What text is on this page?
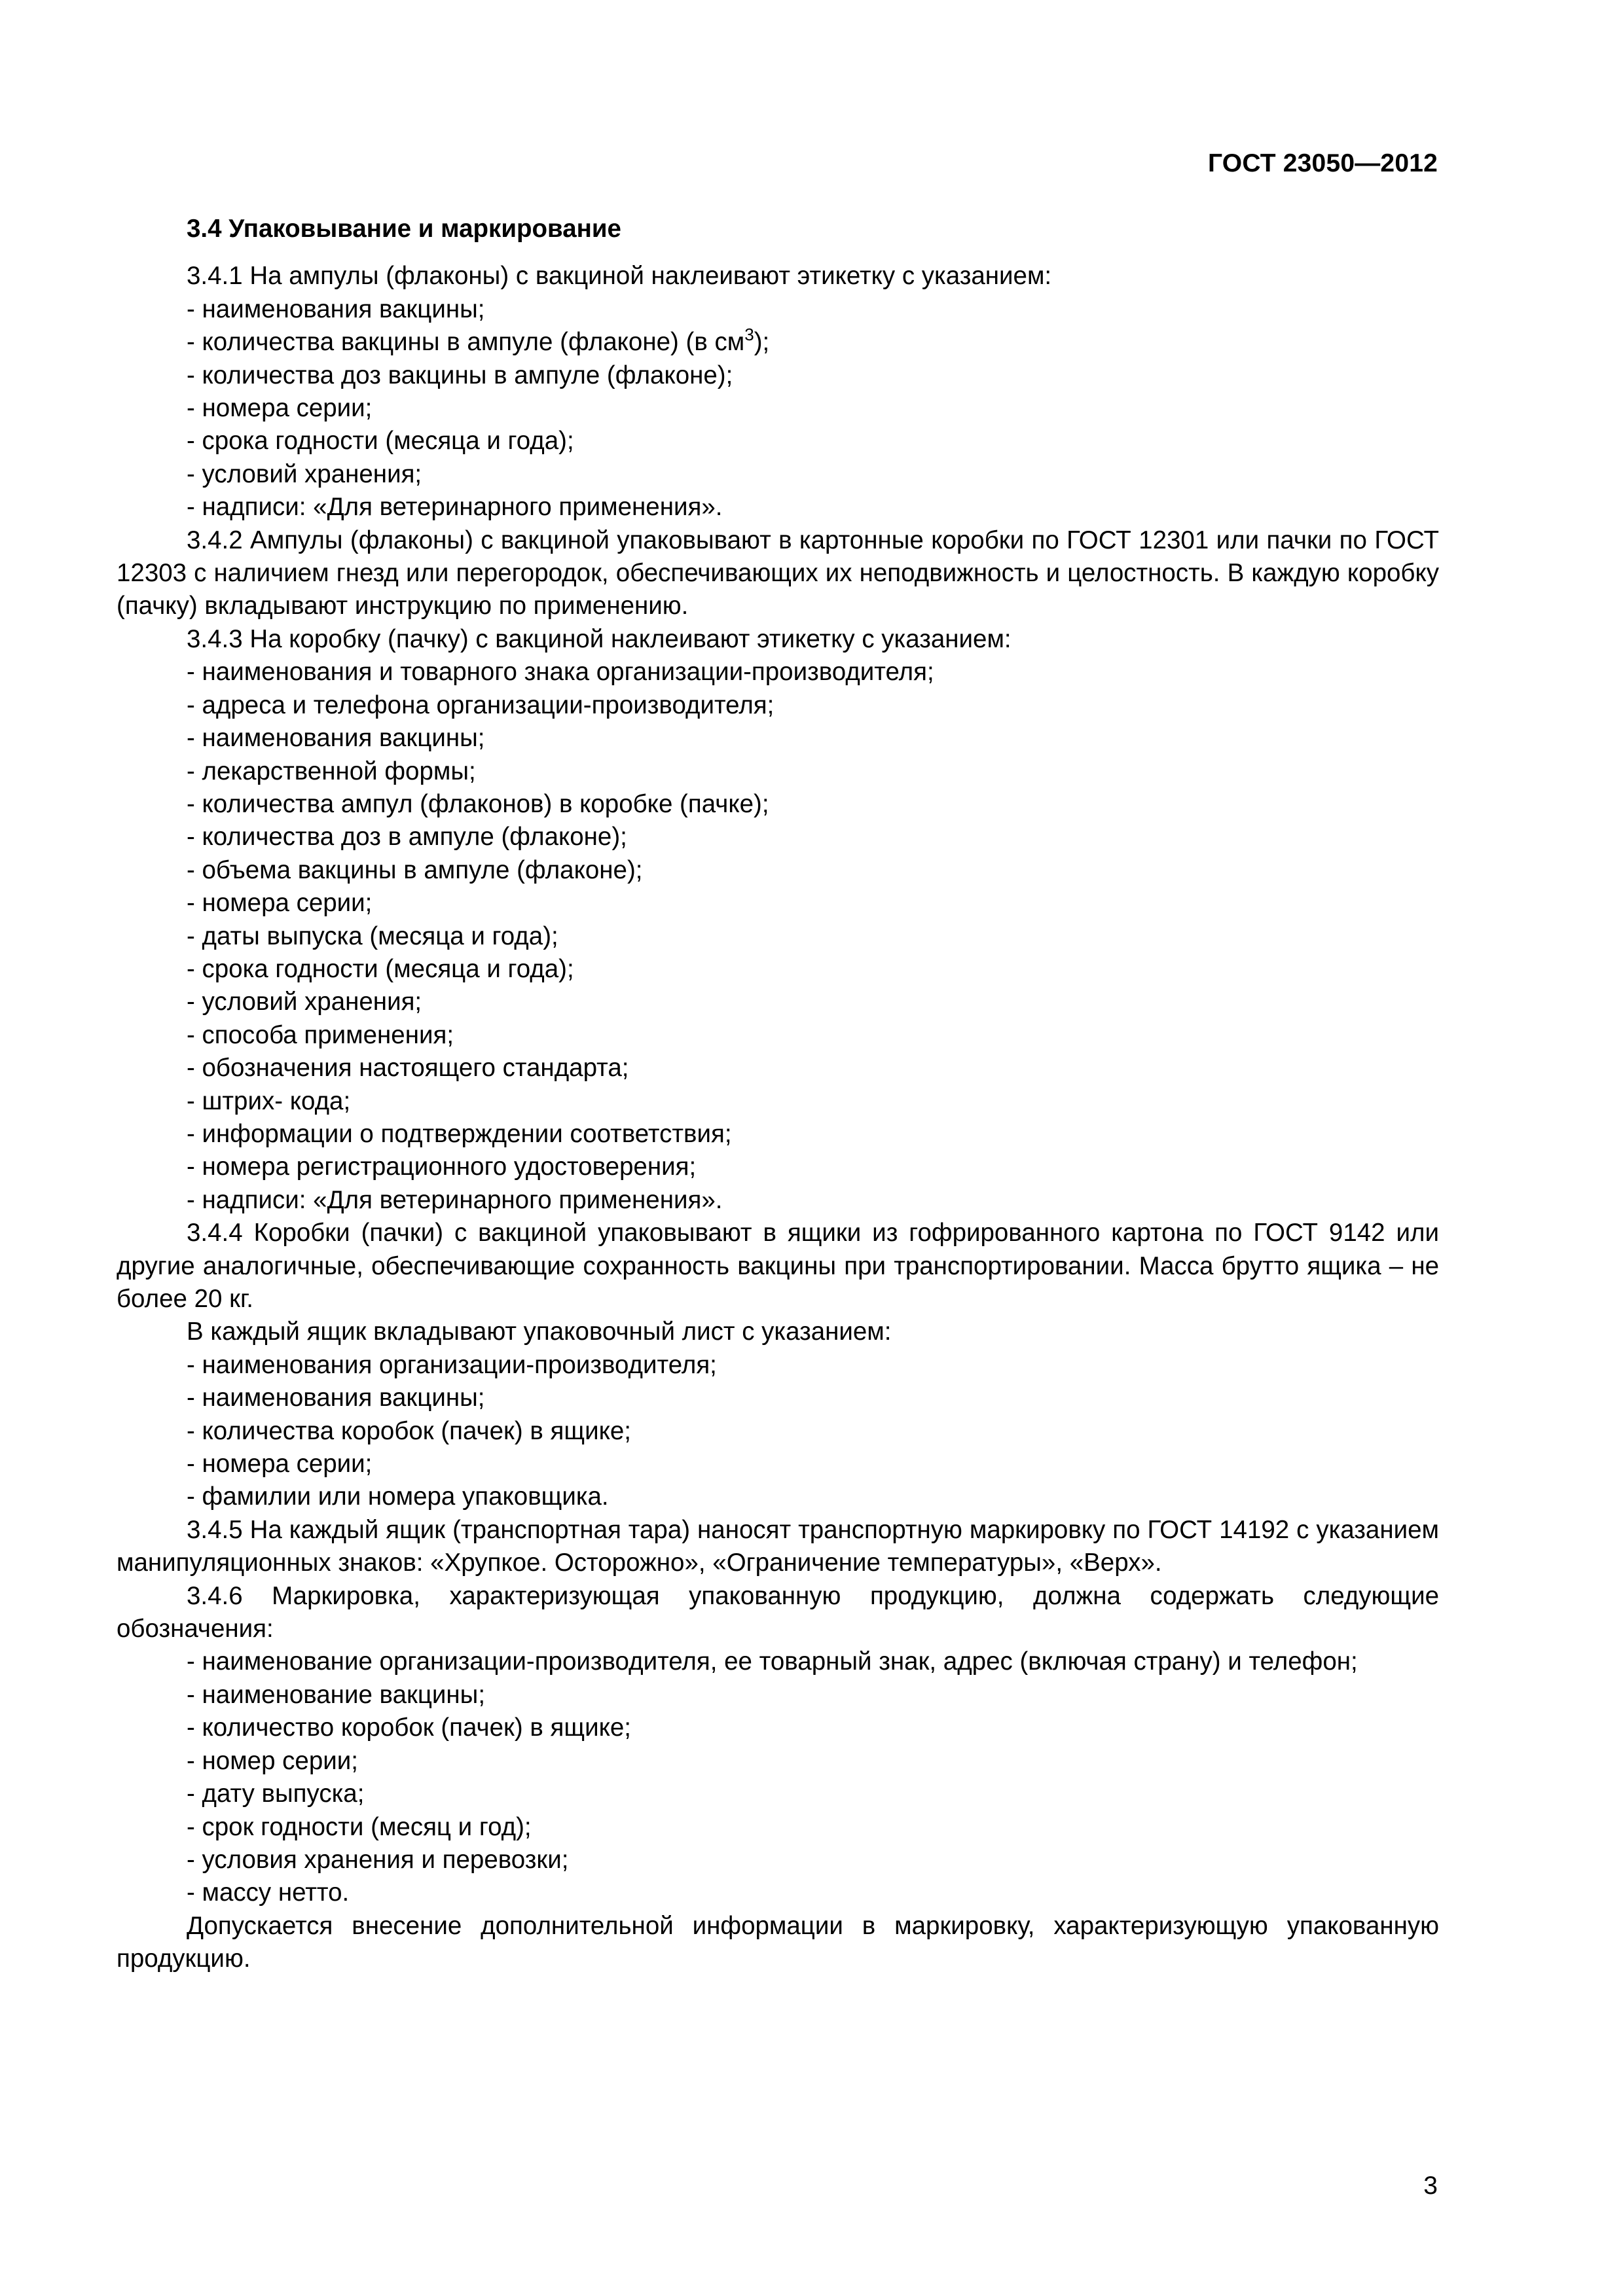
ГОСТ 23050—2012
3.4 Упаковывание и маркирование

3.4.1 На ампулы (флаконы) с вакциной наклеивают этикетку с указанием:

- наименования вакцины;

- количества вакцины в ампуле (флаконе) (в $см^3$);

- количества доз вакцины в ампуле (флаконе);

- номера серии;

- срока годности (месяца и года);

- условий хранения;

- надписи: «Для ветеринарного применения».

3.4.2 Ампулы (флаконы) с вакциной упаковывают в картонные коробки по ГОСТ 12301 или пачки по ГОСТ 12303 с наличием гнезд или перегородок, обеспечивающих их неподвижность и целостность. В каждую коробку (пачку) вкладывают инструкцию по применению.

3.4.3 На коробку (пачку) с вакциной наклеивают этикетку с указанием:

- наименования и товарного знака организации-производителя;

- адреса и телефона организации-производителя;

- наименования вакцины;

- лекарственной формы;

- количества ампул (флаконов) в коробке (пачке);

- количества доз в ампуле (флаконе);

- объема вакцины в ампуле (флаконе);

- номера серии;

- даты выпуска (месяца и года);

- срока годности (месяца и года);

- условий хранения;

- способа применения;

- обозначения настоящего стандарта;

- штрих- кода;

- информации о подтверждении соответствия;

- номера регистрационного удостоверения;

- надписи: «Для ветеринарного применения».

3.4.4 Коробки (пачки) с вакциной упаковывают в ящики из гофрированного картона по ГОСТ 9142 или другие аналогичные, обеспечивающие сохранность вакцины при транспортировании. Масса брутто ящика – не более 20 кг.

В каждый ящик вкладывают упаковочный лист с указанием:

- наименования организации-производителя;

- наименования вакцины;

- количества коробок (пачек) в ящике;

- номера серии;

- фамилии или номера упаковщика.

3.4.5 На каждый ящик (транспортная тара) наносят транспортную маркировку по ГОСТ 14192 с указанием манипуляционных знаков: «Хрупкое. Осторожно», «Ограничение температуры», «Верх».

3.4.6 Маркировка, характеризующая упакованную продукцию, должна содержать следующие обозначения:

- наименование организации-производителя, ее товарный знак, адрес (включая страну) и телефон;

- наименование вакцины;

- количество коробок (пачек) в ящике;

- номер серии;

- дату выпуска;

- срок годности (месяц и год);

- условия хранения и перевозки;

- массу нетто.

Допускается внесение дополнительной информации в маркировку, характеризующую упакованную продукцию.

3
